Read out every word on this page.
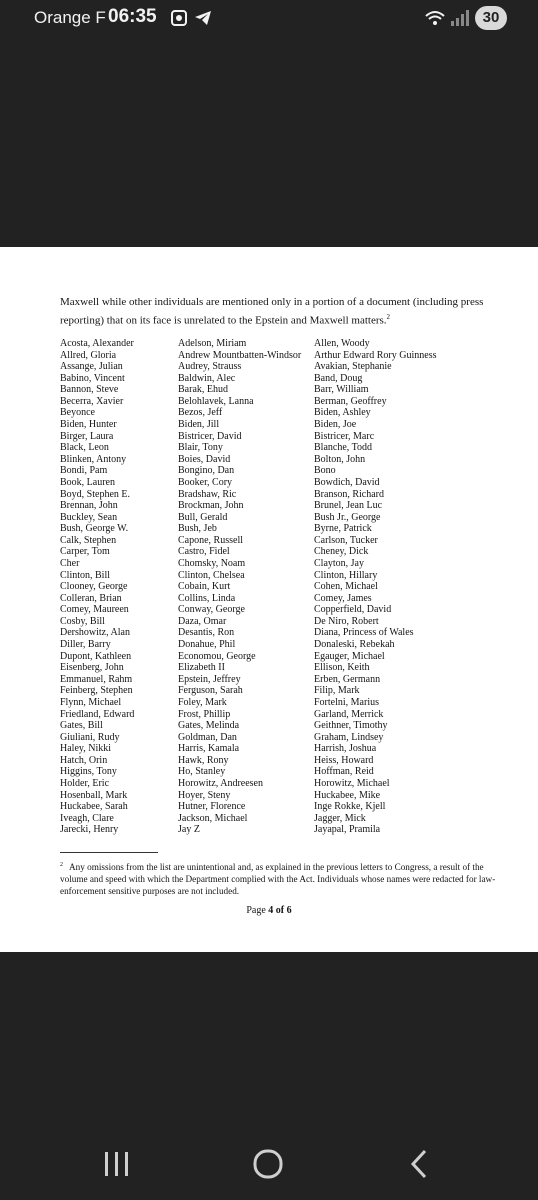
Orange F 06:35	30
Maxwell while other individuals are mentioned only in a portion of a document (including press reporting) that on its face is unrelated to the Epstein and Maxwell matters.$^2$
Acosta, Alexander
Allred, Gloria
Assange, Julian
Babino, Vincent
Bannon, Steve
Becerra, Xavier
Beyonce
Biden, Hunter
Birger, Laura
Black, Leon
Blinken, Antony
Bondi, Pam
Book, Lauren
Boyd, Stephen E.
Brennan, John
Buckley, Sean
Bush, George W.
Calk, Stephen
Carper, Tom
Cher
Clinton, Bill
Clooney, George
Colleran, Brian
Comey, Maureen
Cosby, Bill
Dershowitz, Alan
Diller, Barry
Dupont, Kathleen
Eisenberg, John
Emmanuel, Rahm
Feinberg, Stephen
Flynn, Michael
Friedland, Edward
Gates, Bill
Giuliani, Rudy
Haley, Nikki
Hatch, Orin
Higgins, Tony
Holder, Eric
Hosenball, Mark
Huckabee, Sarah
Iveagh, Clare
Jarecki, Henry
Adelson, Miriam
Andrew Mountbatten-Windsor
Audrey, Strauss
Baldwin, Alec
Barak, Ehud
Belohlavek, Lanna
Bezos, Jeff
Biden, Jill
Bistricer, David
Blair, Tony
Boies, David
Bongino, Dan
Booker, Cory
Bradshaw, Ric
Brockman, John
Bull, Gerald
Bush, Jeb
Capone, Russell
Castro, Fidel
Chomsky, Noam
Clinton, Chelsea
Cobain, Kurt
Collins, Linda
Conway, George
Daza, Omar
Desantis, Ron
Donahue, Phil
Economou, George
Elizabeth II
Epstein, Jeffrey
Ferguson, Sarah
Foley, Mark
Frost, Phillip
Gates, Melinda
Goldman, Dan
Harris, Kamala
Hawk, Rony
Ho, Stanley
Horowitz, Andreesen
Hoyer, Steny
Hutner, Florence
Jackson, Michael
Jay Z
Allen, Woody
Arthur Edward Rory Guinness
Avakian, Stephanie
Band, Doug
Barr, William
Berman, Geoffrey
Biden, Ashley
Biden, Joe
Bistricer, Marc
Blanche, Todd
Bolton, John
Bono
Bowdich, David
Branson, Richard
Brunel, Jean Luc
Bush Jr., George
Byrne, Patrick
Carlson, Tucker
Cheney, Dick
Clayton, Jay
Clinton, Hillary
Cohen, Michael
Comey, James
Copperfield, David
De Niro, Robert
Diana, Princess of Wales
Donaleski, Rebekah
Egauger, Michael
Ellison, Keith
Erben, Germann
Filip, Mark
Fortelni, Marius
Garland, Merrick
Geithner, Timothy
Graham, Lindsey
Harrish, Joshua
Heiss, Howard
Hoffman, Reid
Horowitz, Michael
Huckabee, Mike
Inge Rokke, Kjell
Jagger, Mick
Jayapal, Pramila
$^2$ Any omissions from the list are unintentional and, as explained in the previous letters to Congress, a result of the volume and speed with which the Department complied with the Act. Individuals whose names were redacted for law-enforcement sensitive purposes are not included.
Page 4 of 6
